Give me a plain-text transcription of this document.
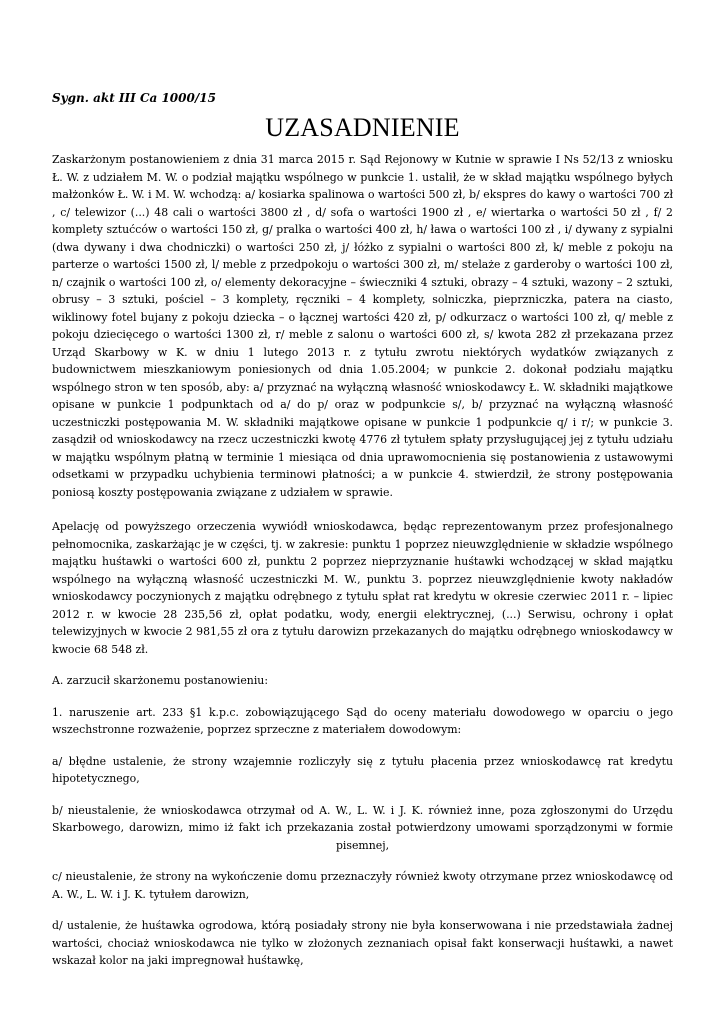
Sygn. akt III Ca 1000/15

UZASADNIENIE

Zaskarżonym postanowieniem z dnia 31 marca 2015 r. Sąd Rejonowy w Kutnie w sprawie I Ns 52/13 z wniosku Ł. W. z udziałem M. W. o podział majątku wspólnego w punkcie 1. ustalił, że w skład majątku wspólnego byłych małżonków Ł. W. i M. W. wchodzą: a/ kosiarka spalinowa o wartości 500 zł, b/ ekspres do kawy o wartości 700 zł , c/ telewizor (...) 48 cali o wartości 3800 zł , d/ sofa o wartości 1900 zł , e/ wiertarka o wartości 50 zł , f/ 2 komplety sztućców o wartości 150 zł, g/ pralka o wartości 400 zł, h/ ława o wartości 100 zł , i/ dywany z sypialni (dwa dywany i dwa chodniczki) o wartości 250 zł, j/ łóżko z sypialni o wartości 800 zł, k/ meble z pokoju na parterze o wartości 1500 zł, l/ meble z przedpokoju o wartości 300 zł, m/ stelaże z garderoby o wartości 100 zł, n/ czajnik o wartości 100 zł, o/ elementy dekoracyjne – świeczniki 4 sztuki, obrazy – 4 sztuki, wazony – 2 sztuki, obrusy – 3 sztuki, pościel – 3 komplety, ręczniki – 4 komplety, solniczka, pieprzniczka, patera na ciasto, wiklinowy fotel bujany z pokoju dziecka – o łącznej wartości 420 zł, p/ odkurzacz o wartości 100 zł, q/ meble z pokoju dziecięcego o wartości 1300 zł, r/ meble z salonu o wartości 600 zł, s/ kwota 282 zł przekazana przez Urząd Skarbowy w K. w dniu 1 lutego 2013 r. z tytułu zwrotu niektórych wydatków związanych z budownictwem mieszkaniowym poniesionych od dnia 1.05.2004; w punkcie 2. dokonał podziału majątku wspólnego stron w ten sposób, aby: a/ przyznać na wyłączną własność wnioskodawcy Ł. W. składniki majątkowe opisane w punkcie 1 podpunktach od a/ do p/ oraz w podpunkcie s/, b/ przyznać na wyłączną własność uczestniczki postępowania M. W. składniki majątkowe opisane w punkcie 1 podpunkcie q/ i r/; w punkcie 3. zasądził od wnioskodawcy na rzecz uczestniczki kwotę 4776 zł tytułem spłaty przysługującej jej z tytułu udziału w majątku wspólnym płatną w terminie 1 miesiąca od dnia uprawomocnienia się postanowienia z ustawowymi odsetkami w przypadku uchybienia terminowi płatności; a w punkcie 4. stwierdził, że strony postępowania poniosą koszty postępowania związane z udziałem w sprawie.

Apelację od powyższego orzeczenia wywiódł wnioskodawca, będąc reprezentowanym przez profesjonalnego pełnomocnika, zaskarżając je w części, tj. w zakresie: punktu 1 poprzez nieuwzględnienie w składzie wspólnego majątku huśtawki o wartości 600 zł, punktu 2 poprzez nieprzyznanie huśtawki wchodzącej w skład majątku wspólnego na wyłączną własność uczestniczki M. W., punktu 3. poprzez nieuwzględnienie kwoty nakładów wnioskodawcy poczynionych z majątku odrębnego z tytułu spłat rat kredytu w okresie czerwiec 2011 r. – lipiec 2012 r. w kwocie 28 235,56 zł, opłat podatku, wody, energii elektrycznej, (...) Serwisu, ochrony i opłat telewizyjnych w kwocie 2 981,55 zł ora z tytułu darowizn przekazanych do majątku odrębnego wnioskodawcy w kwocie 68 548 zł.

A. zarzucił skarżonemu postanowieniu:

1. naruszenie art. 233 §1 k.p.c. zobowiązującego Sąd do oceny materiału dowodowego w oparciu o jego wszechstronne rozważenie, poprzez sprzeczne z materiałem dowodowym:

a/ błędne ustalenie, że strony wzajemnie rozliczyły się z tytułu płacenia przez wnioskodawcę rat kredytu hipotetycznego,

b/ nieustalenie, że wnioskodawca otrzymał od A. W., L. W. i J. K. również inne, poza zgłoszonymi do Urzędu Skarbowego, darowizn, mimo iż fakt ich przekazania został potwierdzony umowami sporządzonymi w formie pisemnej,

c/ nieustalenie, że strony na wykończenie domu przeznaczyły również kwoty otrzymane przez wnioskodawcę od A. W., L. W. i J. K. tytułem darowizn,

d/ ustalenie, że huśtawka ogrodowa, którą posiadały strony nie była konserwowana i nie przedstawiała żadnej wartości, chociaż wnioskodawca nie tylko w złożonych zeznaniach opisał fakt konserwacji huśtawki, a nawet wskazał kolor na jaki impregnował huśtawkę,
